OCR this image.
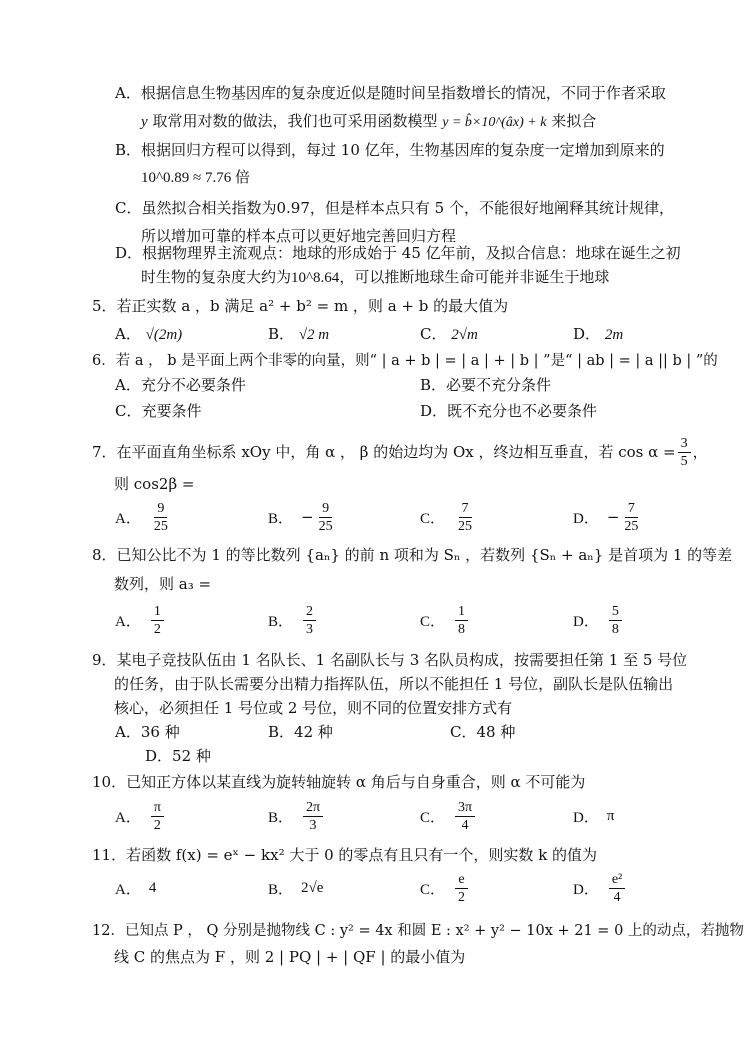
A．根据信息生物基因库的复杂度近似是随时间呈指数增长的情况，不同于作者采取
y 取常用对数的做法，我们也可采用函数模型 y = b̂×10^(âx) + k 来拟合
B．根据回归方程可以得到，每过 10 亿年，生物基因库的复杂度一定增加到原来的
10^0.89 ≈ 7.76 倍
C．虽然拟合相关指数为0.97，但是样本点只有 5 个，不能很好地阐释其统计规律，
所以增加可靠的样本点可以更好地完善回归方程
D．根据物理界主流观点：地球的形成始于 45 亿年前，及拟合信息：地球在诞生之初
时生物的复杂度大约为10^8.64，可以推断地球生命可能并非诞生于地球
5．若正实数 a ，b 满足 a² + b² = m ，则 a + b 的最大值为
A． √(2m)	B． √2 m	C． 2√m	D． 2m
6．若 a ， b 是平面上两个非零的向量，则“ | a + b | = | a | + | b | ”是“ | ab | = | a || b | ”的
A．充分不必要条件	B．必要不充分条件
C．充要条件	D．既不充分也不必要条件
7． 在平面直角坐标系 xOy 中，角 α ， β 的始边均为 Ox ，终边相互垂直，若 $\cos \alpha = \frac{3}{5}$ ，
则 cos2β =
A． $\frac{9}{25}$	B． − $\frac{9}{25}$	C． $\frac{7}{25}$	D． − $\frac{7}{25}$
8．已知公比不为 1 的等比数列 {aₙ} 的前 n 项和为 Sₙ ，若数列 {Sₙ + aₙ} 是首项为 1 的等差
数列，则 a₃ =
A． $\frac{1}{2}$	B． $\frac{2}{3}$	C． $\frac{1}{8}$	D． $\frac{5}{8}$
9．某电子竞技队伍由 1 名队长、1 名副队长与 3 名队员构成，按需要担任第 1 至 5 号位
的任务，由于队长需要分出精力指挥队伍，所以不能担任 1 号位，副队长是队伍输出
核心，必须担任 1 号位或 2 号位，则不同的位置安排方式有
A．36 种	B．42 种	C．48 种
D．52 种
10．已知正方体以某直线为旋转轴旋转 α 角后与自身重合，则 α 不可能为
A． $\frac{\pi}{2}$	B． $\frac{2\pi}{3}$	C． $\frac{3\pi}{4}$	D． π
11．若函数 f(x) = eˣ − kx² 大于 0 的零点有且只有一个，则实数 k 的值为
A． 4	B． 2√e	C． $\frac{e}{2}$	D． $\frac{\text{e²}}{4}$
12．已知点 P ， Q 分别是抛物线 C : y² = 4x 和圆 E : x² + y² − 10x + 21 = 0 上的动点，若抛物
线 C 的焦点为 F ，则 2 | PQ | + | QF | 的最小值为
